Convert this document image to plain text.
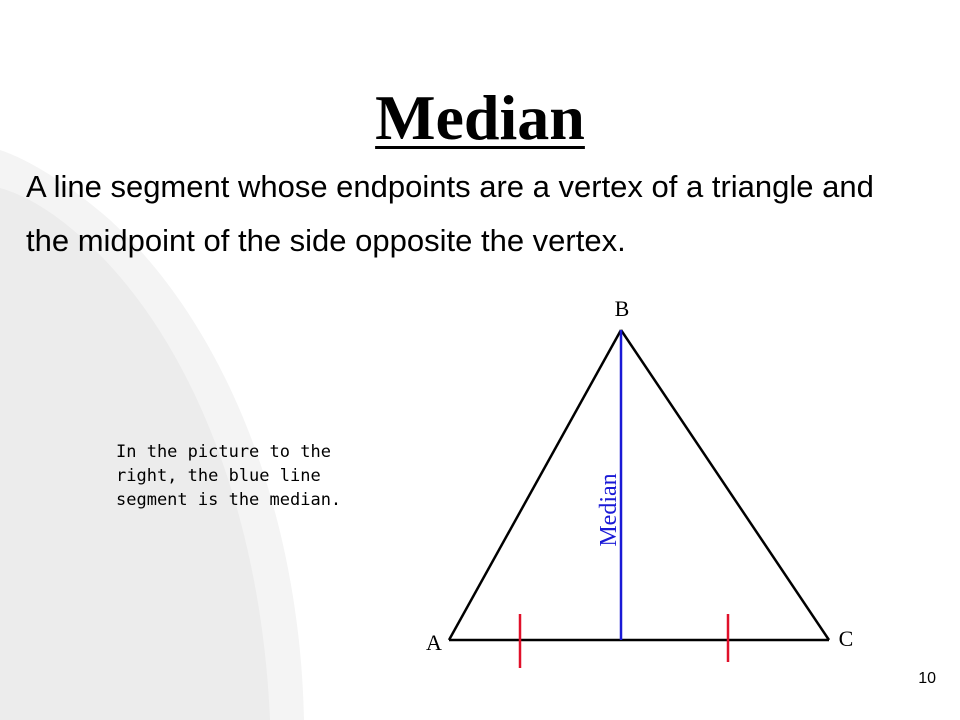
Median

A line segment whose endpoints are a vertex of a triangle and the midpoint of the side opposite the vertex.

In the picture to the right, the blue line segment is the median.

B
A	C
Median
10
